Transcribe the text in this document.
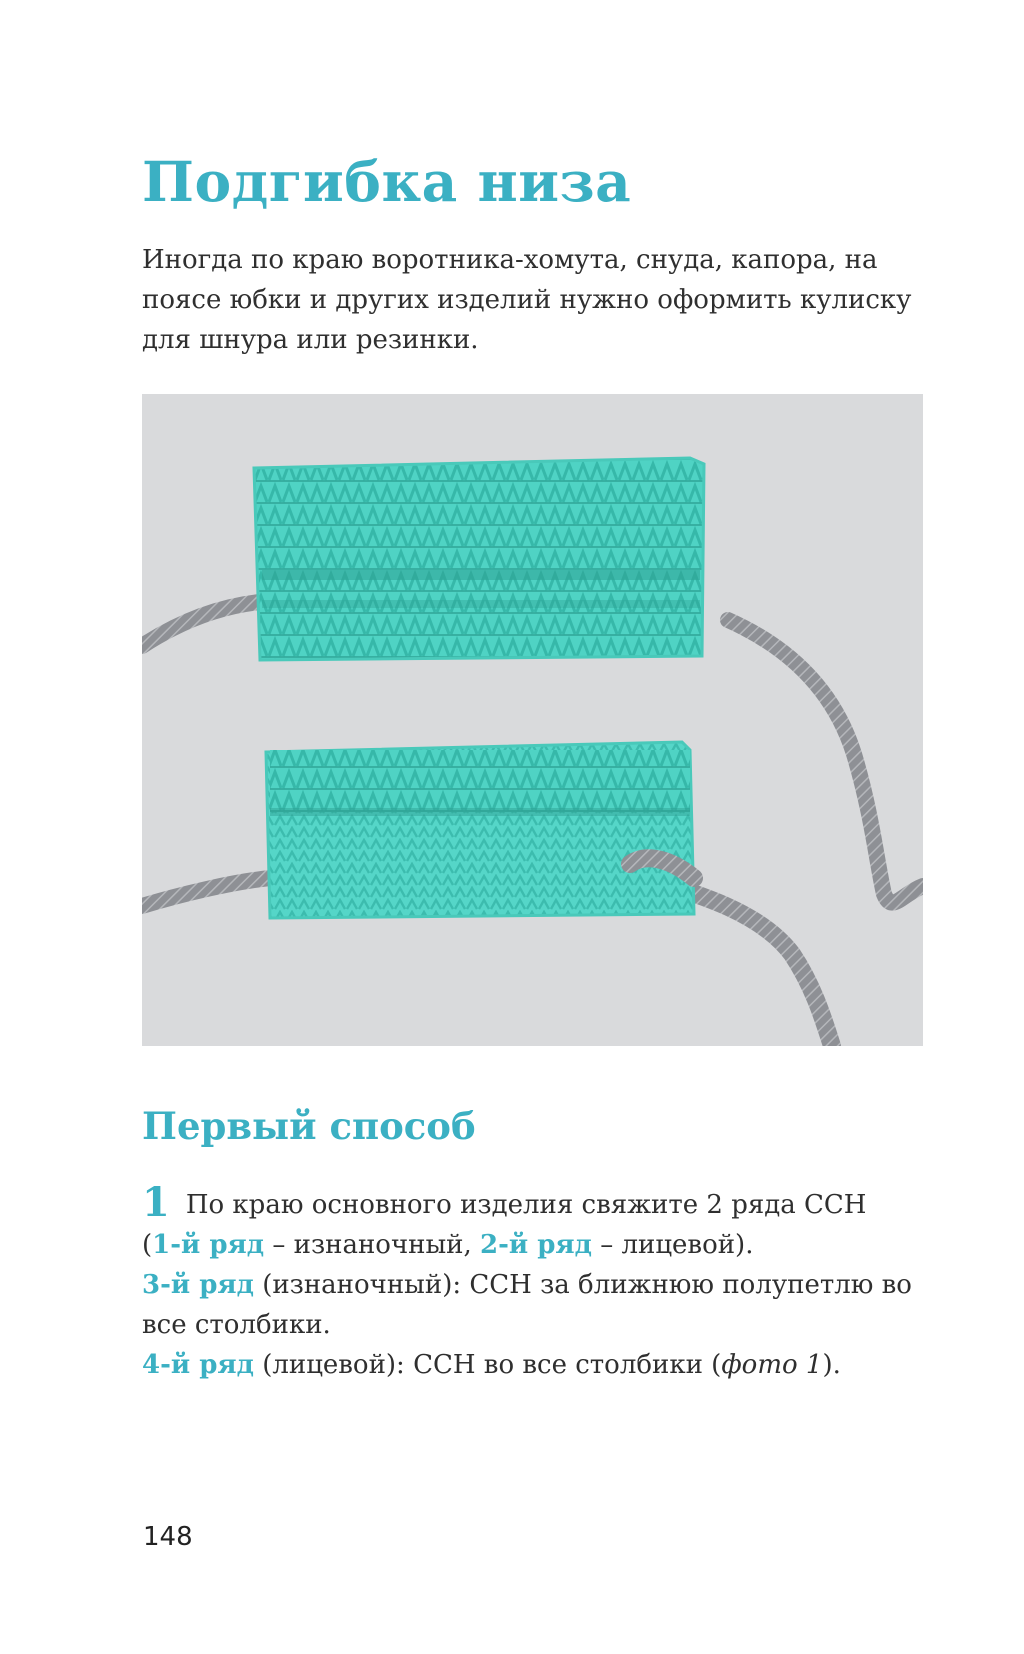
Подгибка низа

Иногда по краю воротника-хомута, снуда, капора, на поясе юбки и других изделий нужно оформить кулиску для шнура или резинки.

Первый способ

1 По краю основного изделия свяжите 2 ряда ССН

(1-й ряд – изнаночный, 2-й ряд – лицевой).

3-й ряд (изнаночный): ССН за ближнюю полупетлю во все столбики.

4-й ряд (лицевой): ССН во все столбики (фото 1).

148
